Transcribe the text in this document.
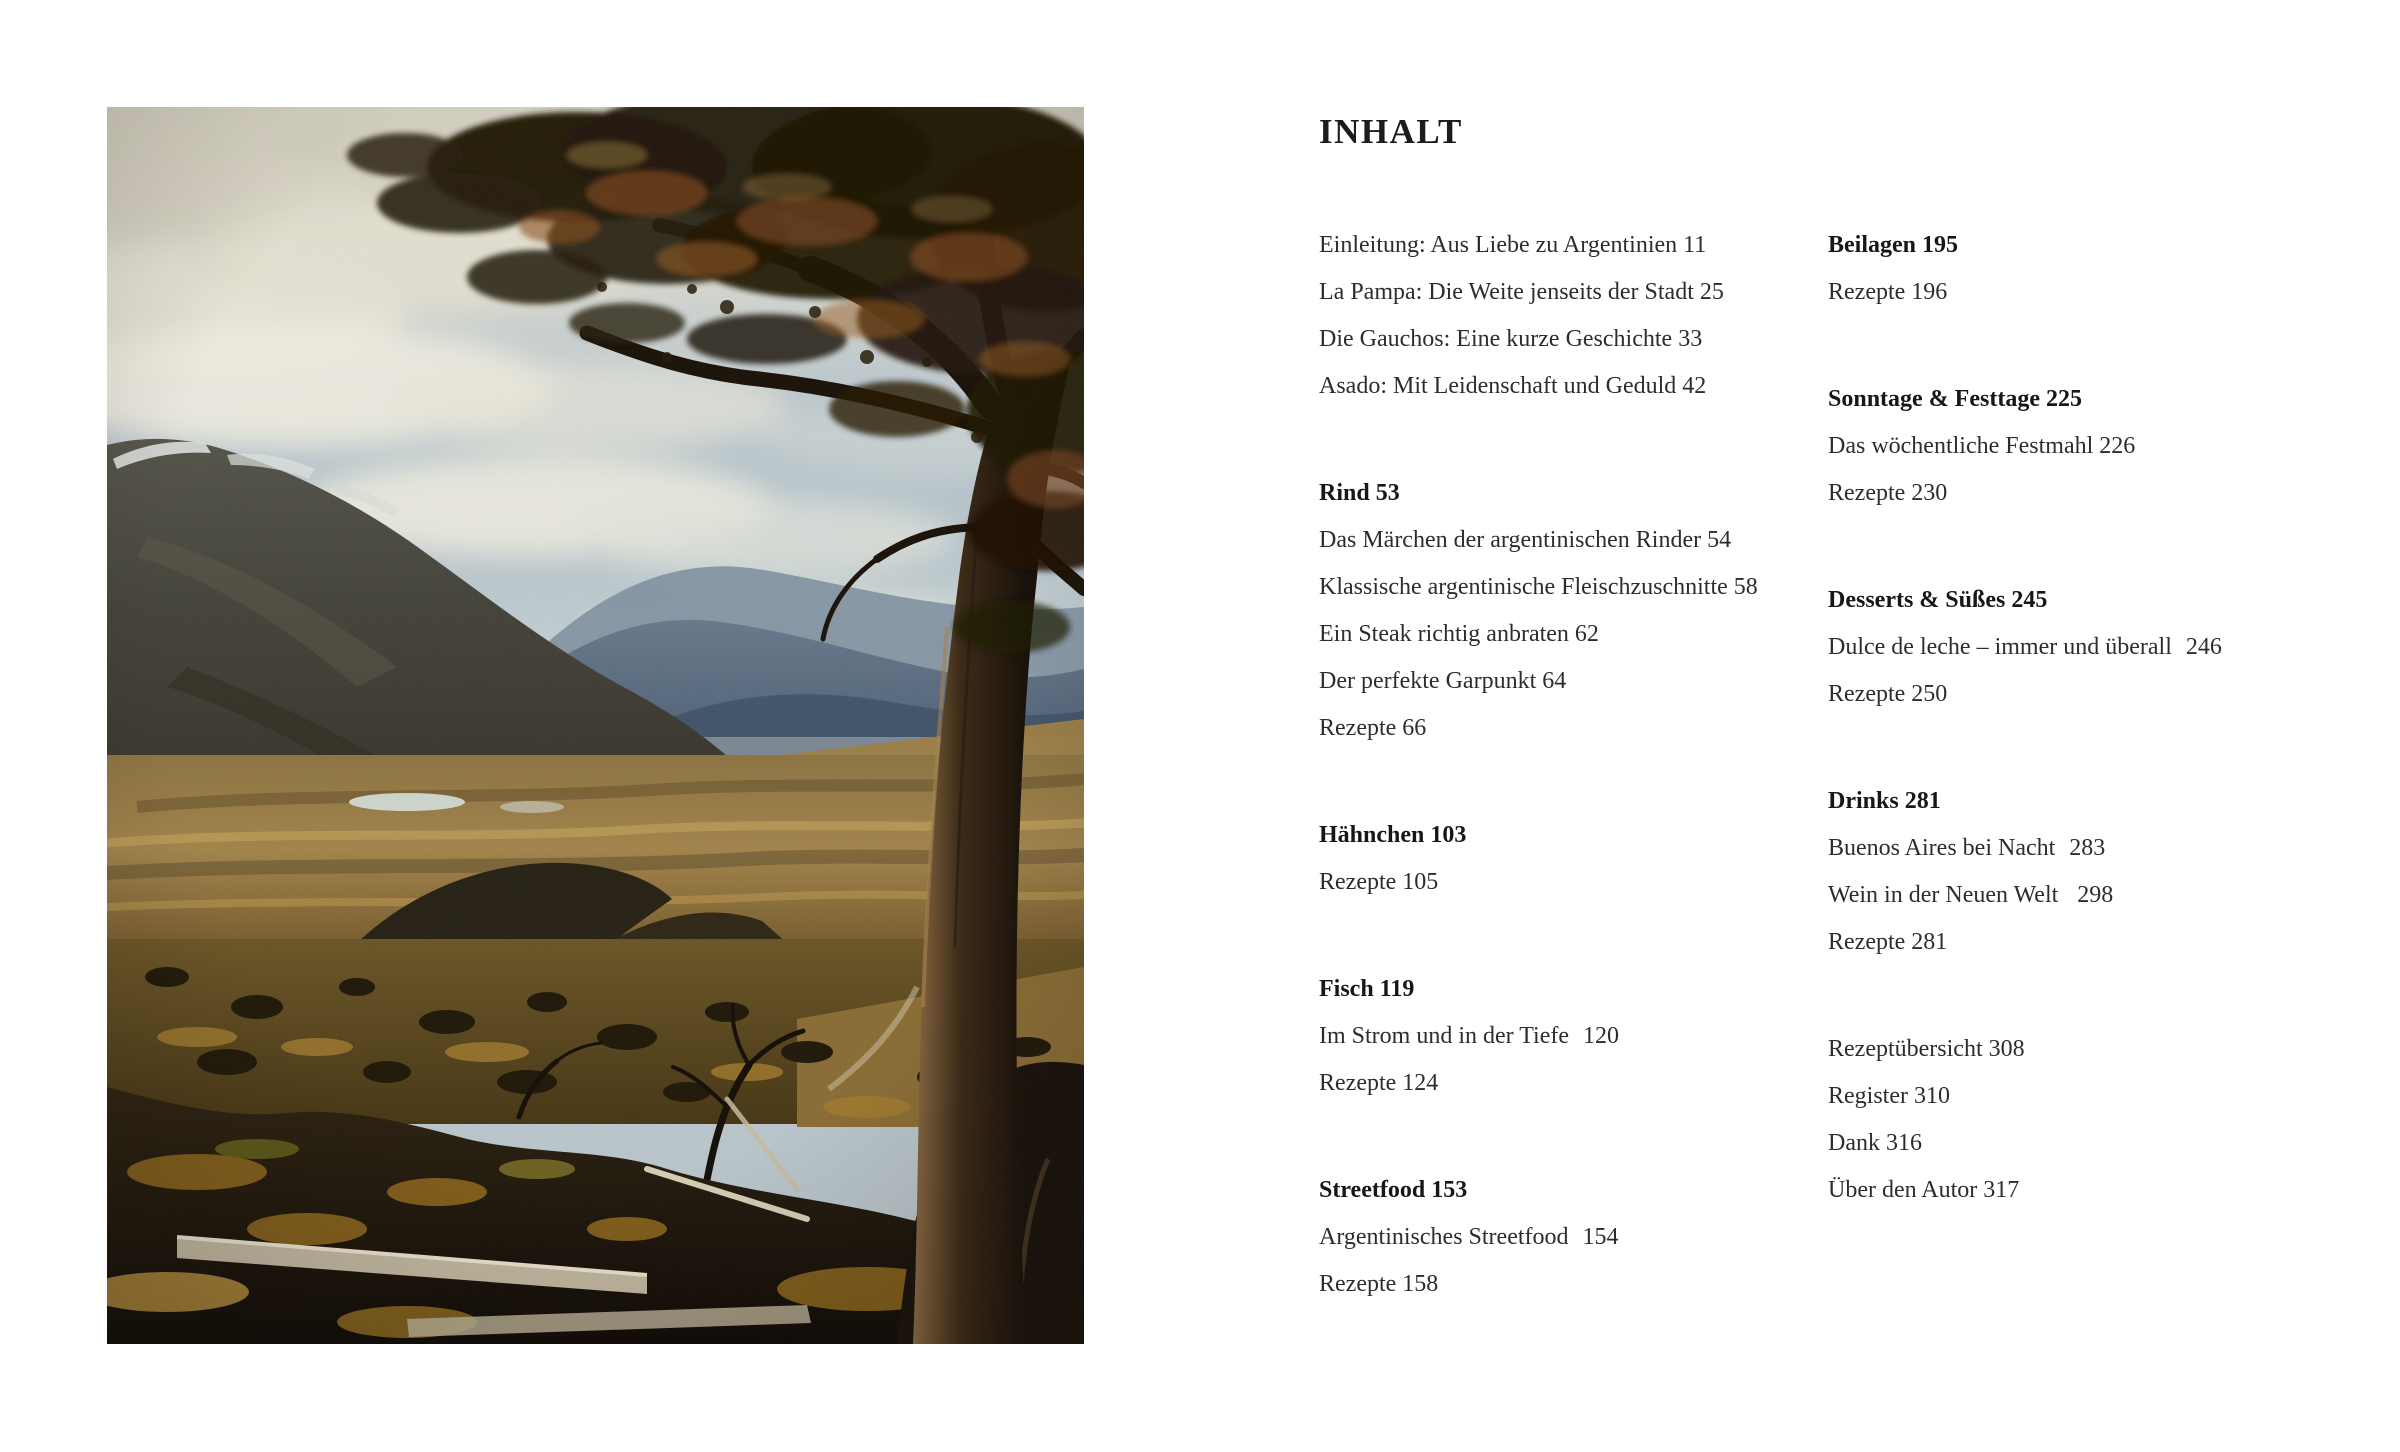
INHALT
Einleitung: Aus Liebe zu Argentinien 11
La Pampa: Die Weite jenseits der Stadt 25
Die Gauchos: Eine kurze Geschichte 33
Asado: Mit Leidenschaft und Geduld 42
Rind 53
Das Märchen der argentinischen Rinder 54
Klassische argentinische Fleischzuschnitte 58
Ein Steak richtig anbraten 62
Der perfekte Garpunkt 64
Rezepte 66
Hähnchen 103
Rezepte 105
Fisch 119
Im Strom und in der Tiefe 120
Rezepte 124
Streetfood 153
Argentinisches Streetfood 154
Rezepte 158
Beilagen 195
Rezepte 196
Sonntage & Festtage 225
Das wöchentliche Festmahl 226
Rezepte 230
Desserts & Süßes 245
Dulce de leche – immer und überall 246
Rezepte 250
Drinks 281
Buenos Aires bei Nacht 283
Wein in der Neuen Welt 298
Rezepte 281
Rezeptübersicht 308
Register 310
Dank 316
Über den Autor 317
